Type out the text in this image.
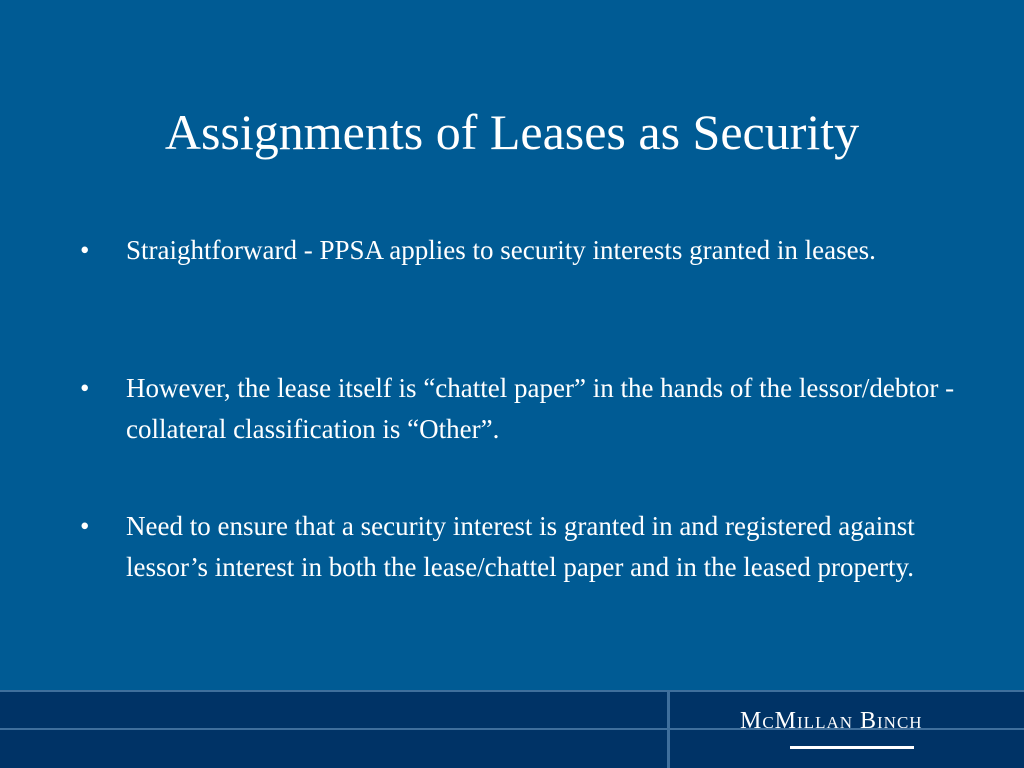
Assignments of Leases as Security
•	Straightforward - PPSA applies to security interests granted in leases.
•	However, the lease itself is “chattel paper” in the hands of the lessor/debtor - collateral classification is “Other”.
•	Need to ensure that a security interest is granted in and registered against lessor’s interest in both the lease/chattel paper and in the leased property.
McMillan Binch
